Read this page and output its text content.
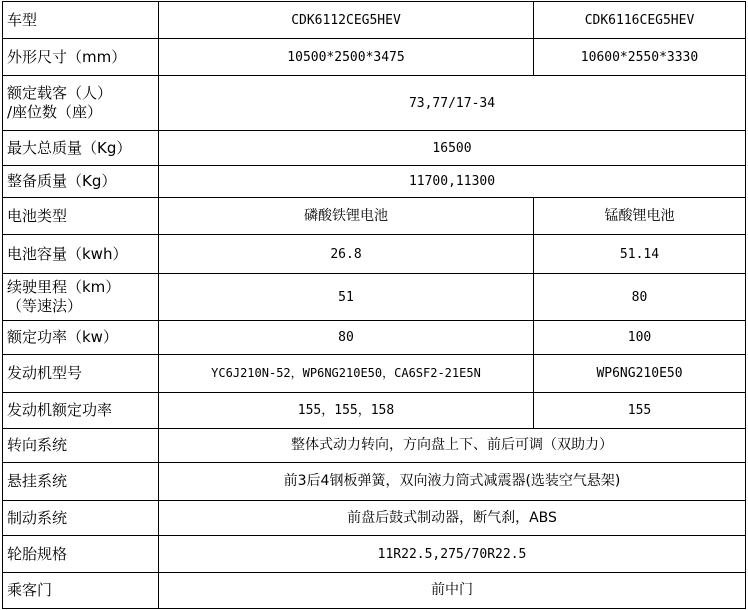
车型	CDK6112CEG5HEV	CDK6116CEG5HEV
外形尺寸（mm）	10500*2500*3475	10600*2550*3330

额定载客（人）
/座位数（座）	73,77/17-34	
最大总质量（Kg）	16500	
整备质量（Kg）	11700,11300	
电池类型	磷酸铁锂电池	锰酸锂电池
电池容量（kwh）	26.8	51.14

续驶里程（km）
（等速法）	51	80
额定功率（kw）	80	100
发动机型号	YC6J210N-52，WP6NG210E50，CA6SF2-21E5N	WP6NG210E50
发动机额定功率	155，155，158	155
转向系统	整体式动力转向，方向盘上下、前后可调（双助力）	
悬挂系统	前3后4钢板弹簧，双向液力筒式减震器(选装空气悬架)	
制动系统	前盘后鼓式制动器，断气刹，ABS	
轮胎规格	11R22.5,275/70R22.5	
乘客门	前中门	
